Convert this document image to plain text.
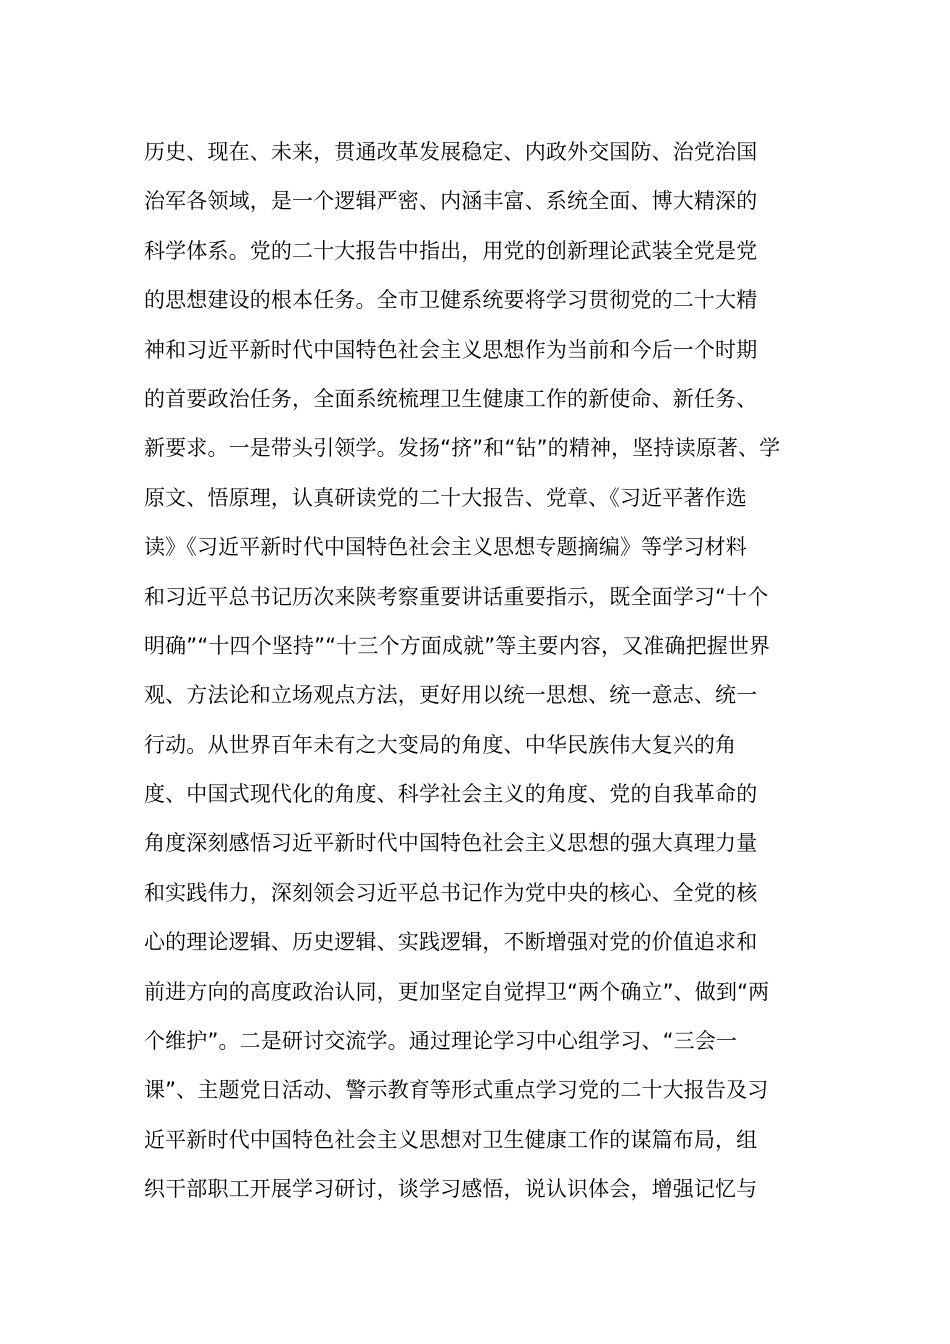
历史、现在、未来，贯通改革发展稳定、内政外交国防、治党治国
治军各领域，是一个逻辑严密、内涵丰富、系统全面、博大精深的
科学体系。党的二十大报告中指出，用党的创新理论武装全党是党
的思想建设的根本任务。全市卫健系统要将学习贯彻党的二十大精
神和习近平新时代中国特色社会主义思想作为当前和今后一个时期
的首要政治任务，全面系统梳理卫生健康工作的新使命、新任务、
新要求。一是带头引领学。发扬“挤”和“钻”的精神，坚持读原著、学
原文、悟原理，认真研读党的二十大报告、党章、《习近平著作选
读》《习近平新时代中国特色社会主义思想专题摘编》等学习材料
和习近平总书记历次来陕考察重要讲话重要指示，既全面学习“十个
明确”“十四个坚持”“十三个方面成就”等主要内容，又准确把握世界
观、方法论和立场观点方法，更好用以统一思想、统一意志、统一
行动。从世界百年未有之大变局的角度、中华民族伟大复兴的角
度、中国式现代化的角度、科学社会主义的角度、党的自我革命的
角度深刻感悟习近平新时代中国特色社会主义思想的强大真理力量
和实践伟力，深刻领会习近平总书记作为党中央的核心、全党的核
心的理论逻辑、历史逻辑、实践逻辑，不断增强对党的价值追求和
前进方向的高度政治认同，更加坚定自觉捍卫“两个确立”、做到“两
个维护”。二是研讨交流学。通过理论学习中心组学习、“三会一
课”、主题党日活动、警示教育等形式重点学习党的二十大报告及习
近平新时代中国特色社会主义思想对卫生健康工作的谋篇布局，组
织干部职工开展学习研讨，谈学习感悟，说认识体会，增强记忆与
